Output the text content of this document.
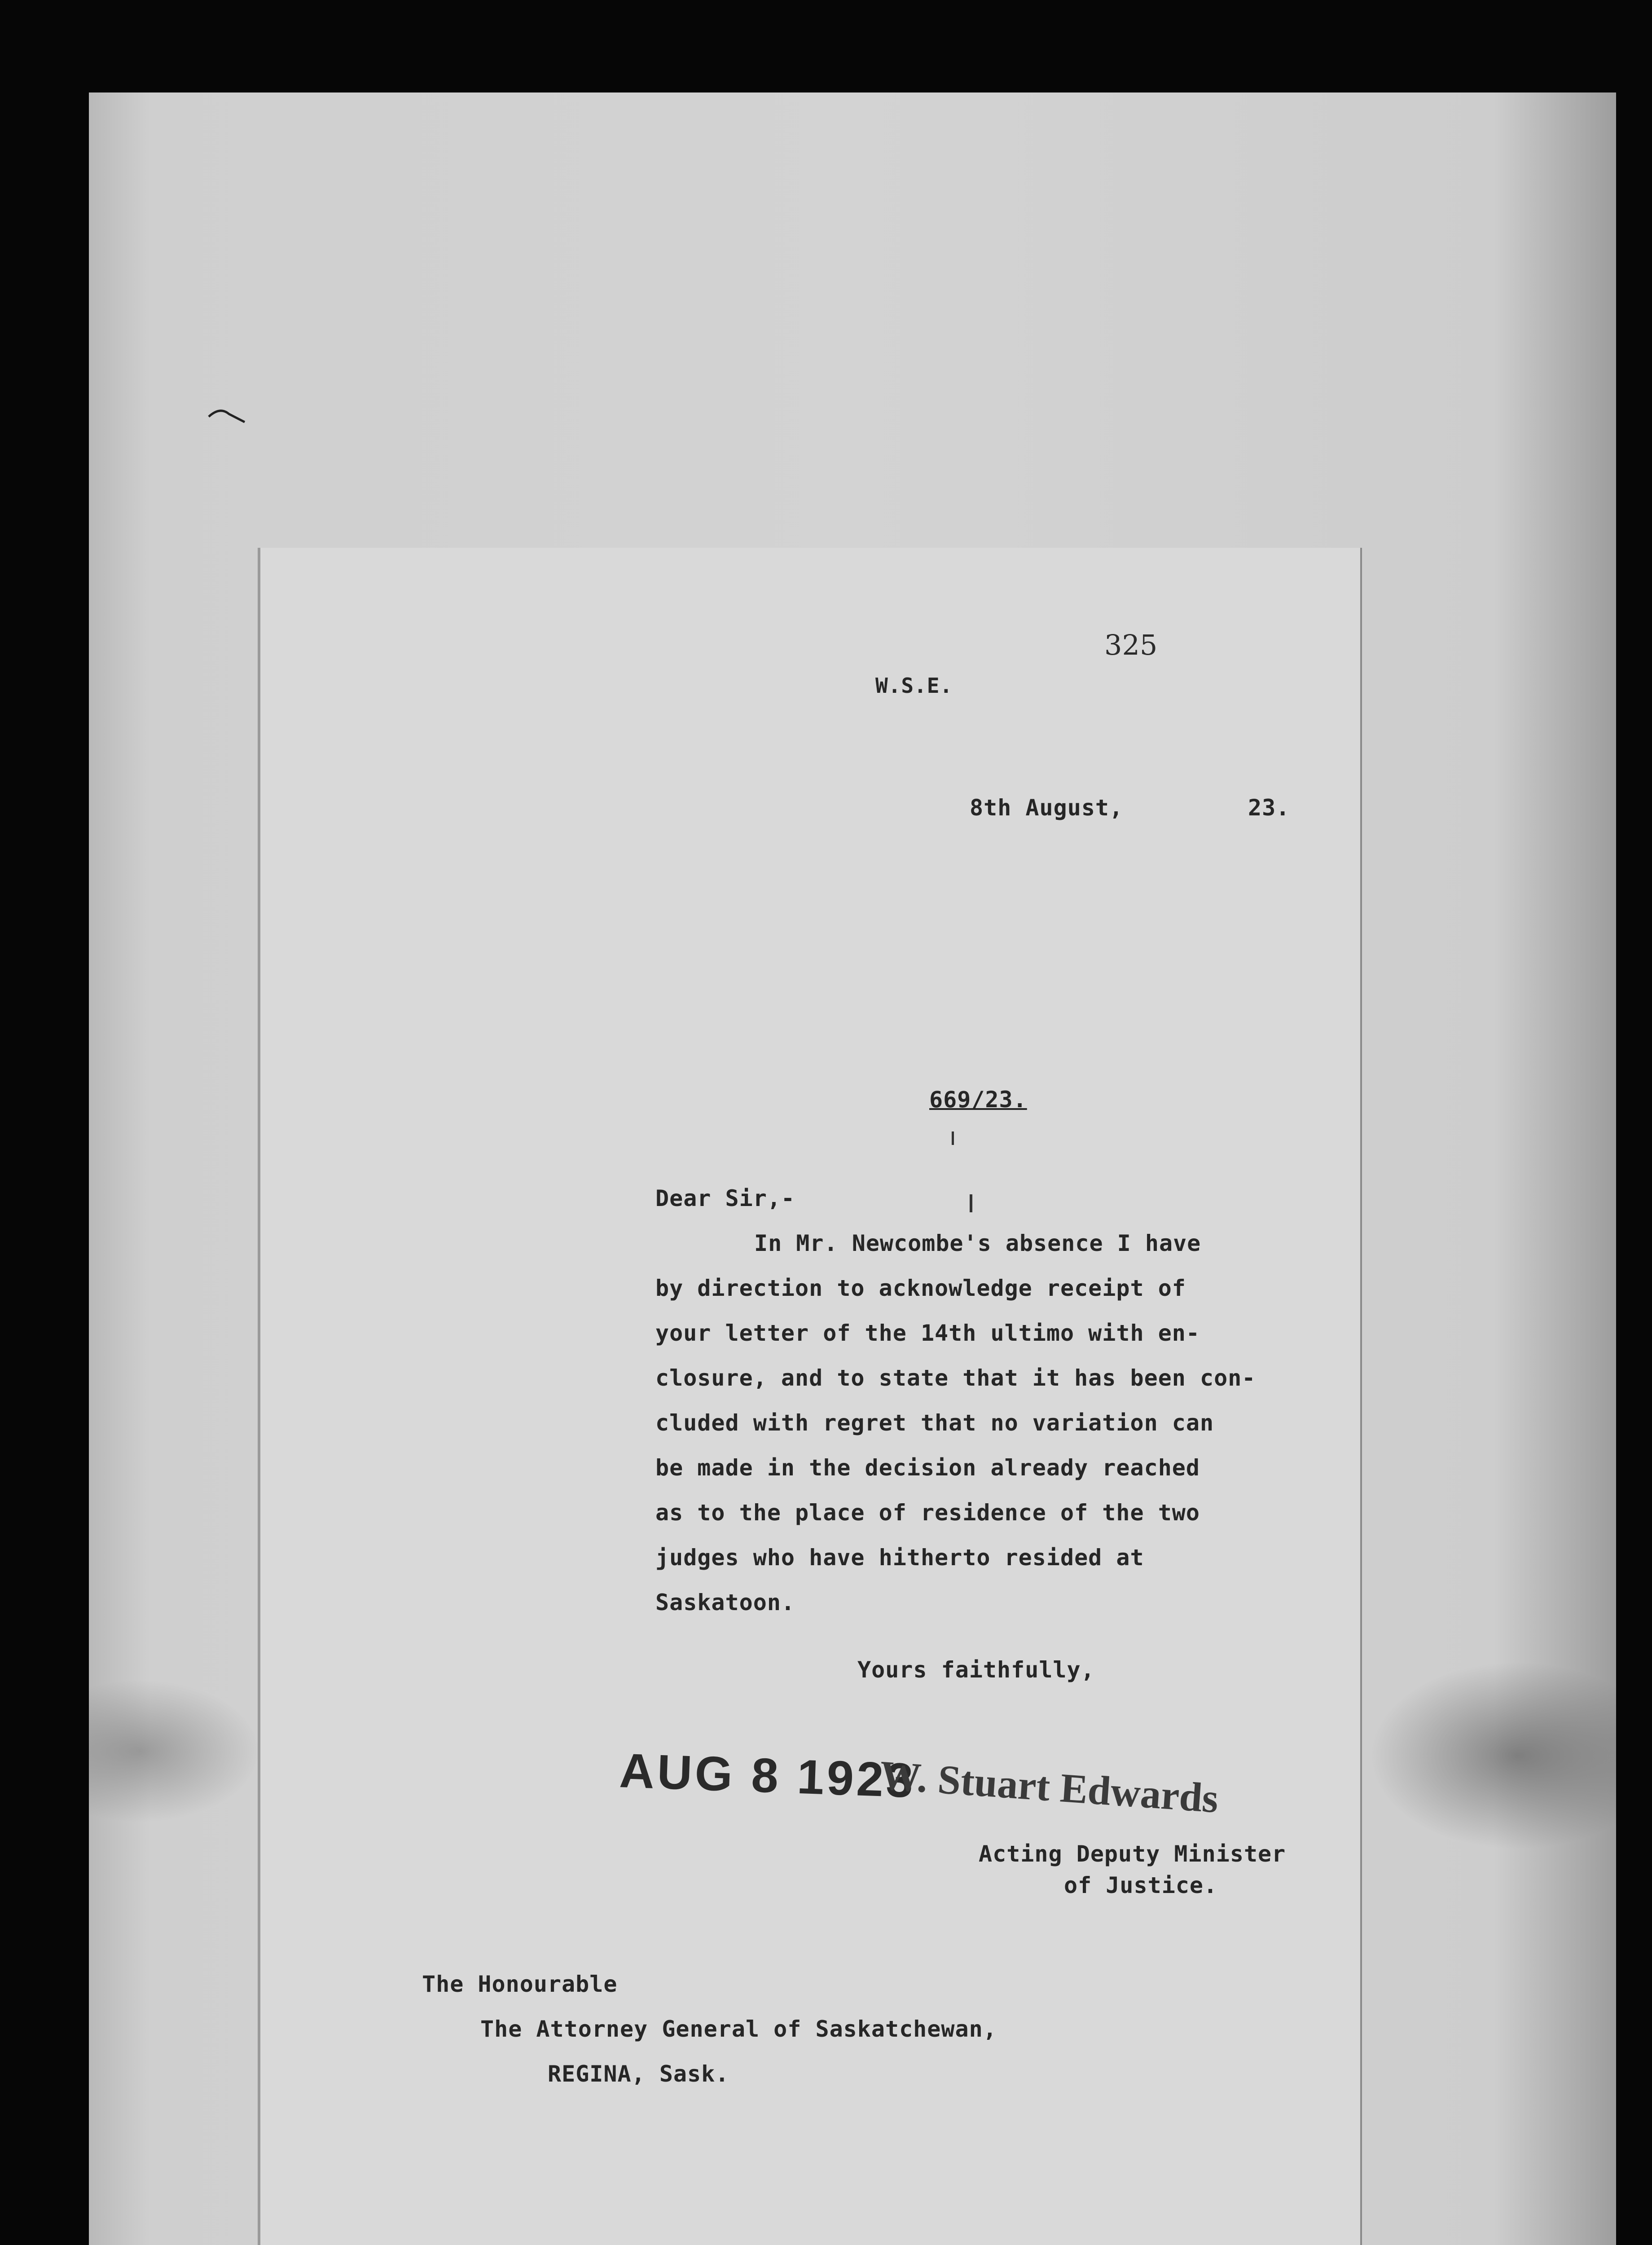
325
W.S.E.
8th August,	23.
669/23.
Dear Sir,-
In Mr. Newcombe's absence I have
by direction to acknowledge receipt of
your letter of the 14th ultimo with en-
closure, and to state that it has been con-
cluded with regret that no variation can
be made in the decision already reached
as to the place of residence of the two
judges who have hitherto resided at
Saskatoon.
Yours faithfully,
Acting Deputy Minister
of Justice.
The Honourable
The Attorney General of Saskatchewan,
REGINA, Sask.
AUG 8 1923
W. Stuart Edwards
